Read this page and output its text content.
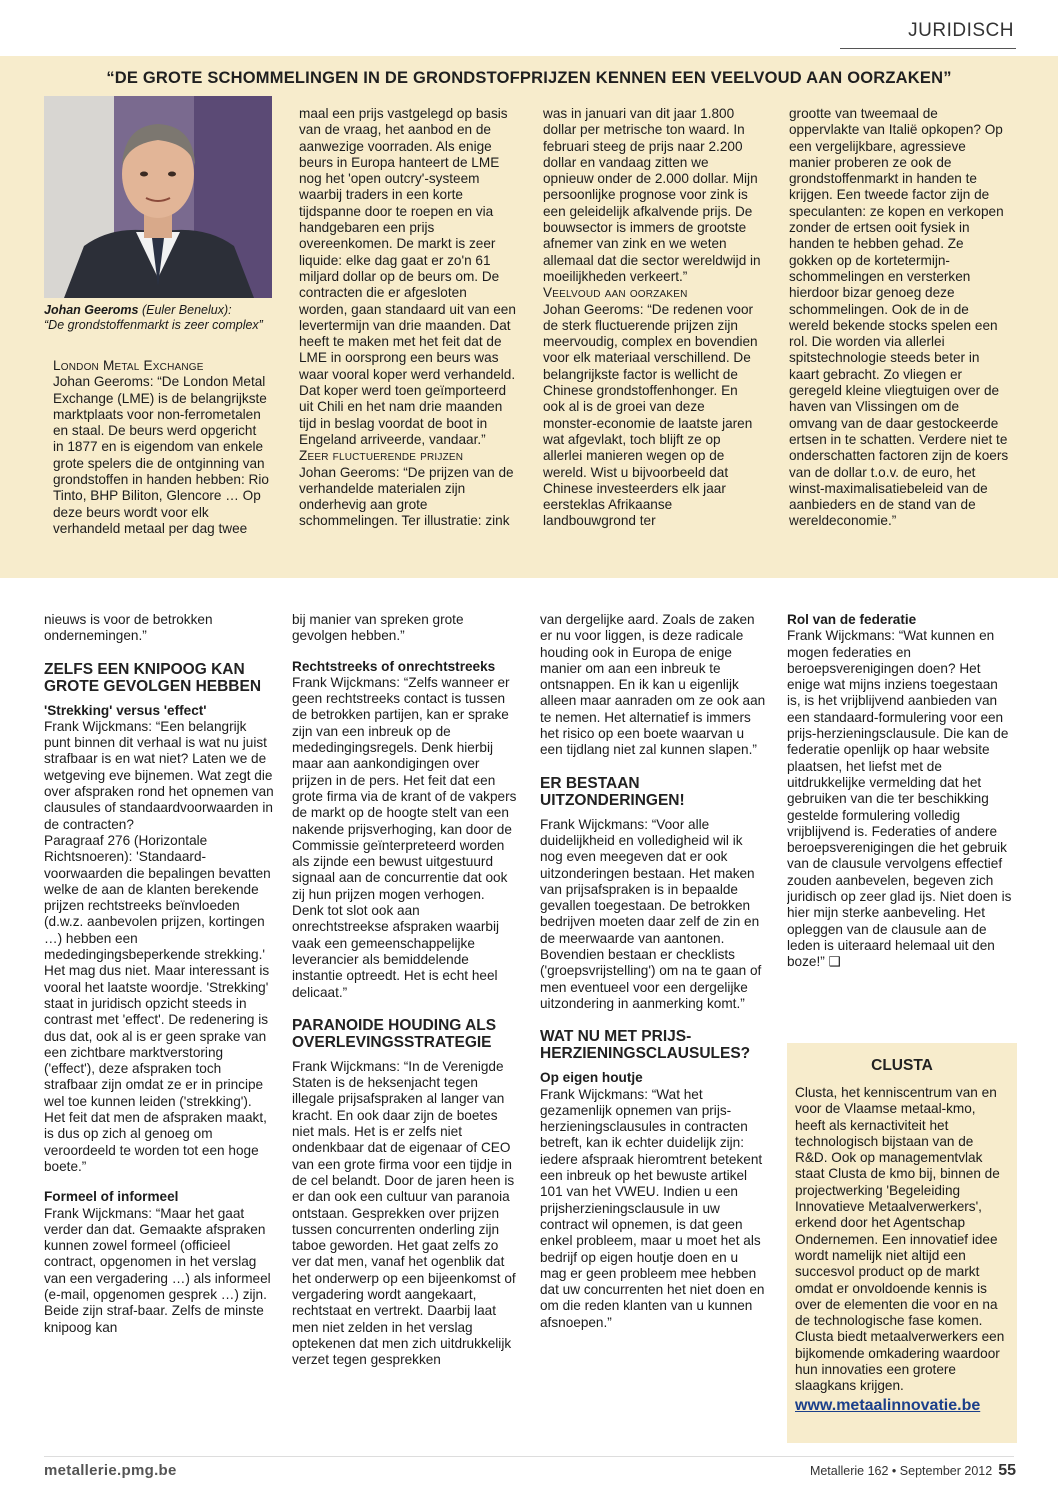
JURIDISCH
“DE GROTE SCHOMMELINGEN IN DE GRONDSTOFPRIJZEN KENNEN EEN VEELVOUD AAN OORZAKEN”
Johan Geeroms (Euler Benelux):
“De grondstoffenmarkt is zeer complex”

London Metal Exchange

Johan Geeroms: “De London Metal Exchange (LME) is de belangrijkste marktplaats voor non-ferrometalen en staal. De beurs werd opgericht in 1877 en is eigendom van enkele grote spelers die de ontginning van grondstoffen in handen hebben: Rio Tinto, BHP Biliton, Glencore … Op deze beurs wordt voor elk verhandeld metaal per dag twee

maal een prijs vastgelegd op basis van de vraag, het aanbod en de aanwezige voorraden. Als enige beurs in Europa hanteert de LME nog het 'open outcry'-systeem waarbij traders in een korte tijdspanne door te roepen en via handgebaren een prijs overeenkomen. De markt is zeer liquide: elke dag gaat er zo'n 61 miljard dollar op de beurs om. De contracten die er afgesloten worden, gaan standaard uit van een levertermijn van drie maanden. Dat heeft te maken met het feit dat de LME in oorsprong een beurs was waar vooral koper werd verhandeld. Dat koper werd toen geïmporteerd uit Chili en het nam drie maanden tijd in beslag voordat de boot in Engeland arriveerde, vandaar.”

Zeer fluctuerende prijzen

Johan Geeroms: “De prijzen van de verhandelde materialen zijn onderhevig aan grote schommelingen. Ter illustratie: zink

was in januari van dit jaar 1.800 dollar per metrische ton waard. In februari steeg de prijs naar 2.200 dollar en vandaag zitten we opnieuw onder de 2.000 dollar. Mijn persoonlijke prognose voor zink is een geleidelijk afkalvende prijs. De bouwsector is immers de grootste afnemer van zink en we weten allemaal dat die sector wereldwijd in moeilijkheden verkeert.”

Veelvoud aan oorzaken

Johan Geeroms: “De redenen voor de sterk fluctuerende prijzen zijn meervoudig, complex en bovendien voor elk materiaal verschillend. De belangrijkste factor is wellicht de Chinese grondstoffenhonger. En ook al is de groei van deze monster-economie de laatste jaren wat afgevlakt, toch blijft ze op allerlei manieren wegen op de wereld. Wist u bijvoorbeeld dat Chinese investeerders elk jaar eersteklas Afrikaanse landbouwgrond ter

grootte van tweemaal de oppervlakte van Italië opkopen? Op een vergelijkbare, agressieve manier proberen ze ook de grondstoffenmarkt in handen te krijgen. Een tweede factor zijn de speculanten: ze kopen en verkopen zonder de ertsen ooit fysiek in handen te hebben gehad. Ze gokken op de kortetermijn-schommelingen en versterken hierdoor bizar genoeg deze schommelingen. Ook de in de wereld bekende stocks spelen een rol. Die worden via allerlei spitstechnologie steeds beter in kaart gebracht. Zo vliegen er geregeld kleine vliegtuigen over de haven van Vlissingen om de omvang van de daar gestockeerde ertsen in te schatten. Verdere niet te onderschatten factoren zijn de koers van de dollar t.o.v. de euro, het winst-maximalisatiebeleid van de aanbieders en de stand van de wereldeconomie.”

nieuws is voor de betrokken ondernemingen.”

ZELFS EEN KNIPOOG KAN GROTE GEVOLGEN HEBBEN

'Strekking' versus 'effect'

Frank Wijckmans: “Een belangrijk punt binnen dit verhaal is wat nu juist strafbaar is en wat niet? Laten we de wetgeving eve bijnemen. Wat zegt die over afspraken rond het opnemen van clausules of standaardvoorwaarden in de contracten?

Paragraaf 276 (Horizontale Richtsnoeren): 'Standaard-voorwaarden die bepalingen bevatten welke de aan de klanten berekende prijzen rechtstreeks beïnvloeden (d.w.z. aanbevolen prijzen, kortingen …) hebben een mededingingsbeperkende strekking.' Het mag dus niet. Maar interessant is vooral het laatste woordje. 'Strekking' staat in juridisch opzicht steeds in contrast met 'effect'. De redenering is dus dat, ook al is er geen sprake van een zichtbare marktverstoring ('effect'), deze afspraken toch strafbaar zijn omdat ze er in principe wel toe kunnen leiden ('strekking'). Het feit dat men de afspraken maakt, is dus op zich al genoeg om veroordeeld te worden tot een hoge boete.”

Formeel of informeel

Frank Wijckmans: “Maar het gaat verder dan dat. Gemaakte afspraken kunnen zowel formeel (officieel contract, opgenomen in het verslag van een vergadering …) als informeel (e-mail, opgenomen gesprek …) zijn. Beide zijn straf-baar. Zelfs de minste knipoog kan

bij manier van spreken grote gevolgen hebben.”

Rechtstreeks of onrechtstreeks

Frank Wijckmans: “Zelfs wanneer er geen rechtstreeks contact is tussen de betrokken partijen, kan er sprake zijn van een inbreuk op de mededingingsregels. Denk hierbij maar aan aankondigingen over prijzen in de pers. Het feit dat een grote firma via de krant of de vakpers de markt op de hoogte stelt van een nakende prijsverhoging, kan door de Commissie geïnterpreteerd worden als zijnde een bewust uitgestuurd signaal aan de concurrentie dat ook zij hun prijzen mogen verhogen. Denk tot slot ook aan onrechtstreekse afspraken waarbij vaak een gemeenschappelijke leverancier als bemiddelende instantie optreedt. Het is echt heel delicaat.”

PARANOIDE HOUDING ALS OVERLEVINGSSTRATEGIE

Frank Wijckmans: “In de Verenigde Staten is de heksenjacht tegen illegale prijsafspraken al langer van kracht. En ook daar zijn de boetes niet mals. Het is er zelfs niet ondenkbaar dat de eigenaar of CEO van een grote firma voor een tijdje in de cel belandt. Door de jaren heen is er dan ook een cultuur van paranoia ontstaan. Gesprekken over prijzen tussen concurrenten onderling zijn taboe geworden. Het gaat zelfs zo ver dat men, vanaf het ogenblik dat het onderwerp op een bijeenkomst of vergadering wordt aangekaart, rechtstaat en vertrekt. Daarbij laat men niet zelden in het verslag optekenen dat men zich uitdrukkelijk verzet tegen gesprekken

van dergelijke aard. Zoals de zaken er nu voor liggen, is deze radicale houding ook in Europa de enige manier om aan een inbreuk te ontsnappen. En ik kan u eigenlijk alleen maar aanraden om ze ook aan te nemen. Het alternatief is immers het risico op een boete waarvan u een tijdlang niet zal kunnen slapen.”

ER BESTAAN UITZONDERINGEN!

Frank Wijckmans: “Voor alle duidelijkheid en volledigheid wil ik nog even meegeven dat er ook uitzonderingen bestaan. Het maken van prijsafspraken is in bepaalde gevallen toegestaan. De betrokken bedrijven moeten daar zelf de zin en de meerwaarde van aantonen. Bovendien bestaan er checklists ('groepsvrijstelling') om na te gaan of men eventueel voor een dergelijke uitzondering in aanmerking komt.”

WAT NU MET PRIJS-HERZIENINGSCLAUSULES?

Op eigen houtje

Frank Wijckmans: “Wat het gezamenlijk opnemen van prijs-herzieningsclausules in contracten betreft, kan ik echter duidelijk zijn: iedere afspraak hieromtrent betekent een inbreuk op het bewuste artikel 101 van het VWEU. Indien u een prijsherzieningsclausule in uw contract wil opnemen, is dat geen enkel probleem, maar u moet het als bedrijf op eigen houtje doen en u mag er geen probleem mee hebben dat uw concurrenten het niet doen en om die reden klanten van u kunnen afsnoepen.”

Rol van de federatie

Frank Wijckmans: “Wat kunnen en mogen federaties en beroepsverenigingen doen? Het enige wat mijns inziens toegestaan is, is het vrijblijvend aanbieden van een standaard-formulering voor een prijs-herzieningsclausule. Die kan de federatie openlijk op haar website plaatsen, het liefst met de uitdrukkelijke vermelding dat het gebruiken van die ter beschikking gestelde formulering volledig vrijblijvend is. Federaties of andere beroepsverenigingen die het gebruik van de clausule vervolgens effectief zouden aanbevelen, begeven zich juridisch op zeer glad ijs. Niet doen is hier mijn sterke aanbeveling. Het opleggen van de clausule aan de leden is uiteraard helemaal uit den boze!” ❑

CLUSTA

Clusta, het kenniscentrum van en voor de Vlaamse metaal-kmo, heeft als kernactiviteit het technologisch bijstaan van de R&D. Ook op managementvlak staat Clusta de kmo bij, binnen de projectwerking 'Begeleiding Innovatieve Metaalverwerkers', erkend door het Agentschap Ondernemen. Een innovatief idee wordt namelijk niet altijd een succesvol product op de markt omdat er onvoldoende kennis is over de elementen die voor en na de technologische fase komen. Clusta biedt metaalverwerkers een bijkomende omkadering waardoor hun innovaties een grotere slaagkans krijgen.

www.metaalinnovatie.be
metallerie.pmg.be	Metallerie 162 • September 2012 55
